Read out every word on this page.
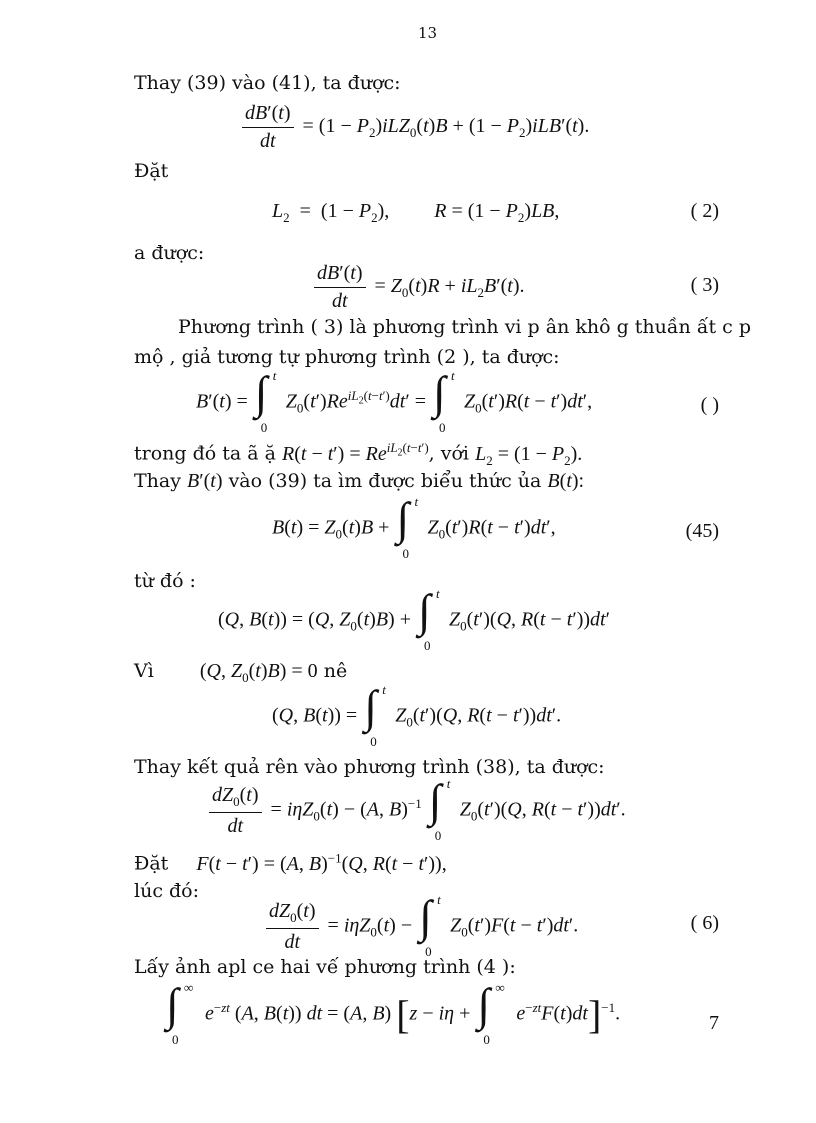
13
Thay (39) vào (41), ta được:
$\frac{dB'(t)}{dt} = (1 - P_2)iLZ_0(t)B + (1 - P_2)iLB'(t)$.
Đặt
$L_2 = (1 - P_2)$,         $R = (1 - P_2)LB$,	( 2)
a được:
$\frac{dB'(t)}{dt} = Z_0(t)R + iL_2B'(t)$.	( 3)
Phương trình ( 3) là phương trình vi p ân khô g thuần ất c p
mộ , giả tương tự phương trình (2 ), ta được:
B′(t) = ∫ t
0
$Z_0(t')Re^{iL_2(t-t')}dt'$ = ∫ t
0
$Z_0(t')R(t - t')dt'$,	( )
trong đó ta ã ặ $R(t - t') = Re^{iL_2(t-t')}$, với $L_2 = (1 - P_2)$.
Thay B′(t) vào (39) ta ìm được biểu thức ủa B(t):
$B(t) = Z_0(t)B$ + ∫ t
0
$Z_0(t')R(t - t')dt'$,	(45)
từ đó :
(Q, B(t)) = (Q, $Z_0(t)B$) + ∫ t
0
$Z_0(t')(Q$, R(t − t′))dt′
Vì (Q, $Z_0(t)B) = 0$ nê
(Q, B(t)) = ∫ t
0
$Z_0(t')(Q$, R(t − t′))dt′.
Thay kết quả rên vào phương trình (38), ta được:
$\frac{dZ_0(t)}{dt} = i\eta Z_0(t) - (A$, B)$^{-1}$ ∫ t
0
$Z_0(t')(Q$, R(t − t′))dt′.
Đặt F(t − t′) = (A, B)$^{-1}$(Q, R(t − t′)),
lúc đó:
$\frac{dZ_0(t)}{dt} = i\eta Z_0(t)$ − ∫ t
0
$Z_0(t')F(t - t')dt'$.	( 6)
Lấy ảnh apl ce hai vế phương trình (4 ):
∫ ∞
0
$e^{-zt}$ (A, B(t)) dt = (A, B) [z − iη + ∫ ∞
0
$e^{-zt}F(t)dt]^{-1}$.	7
